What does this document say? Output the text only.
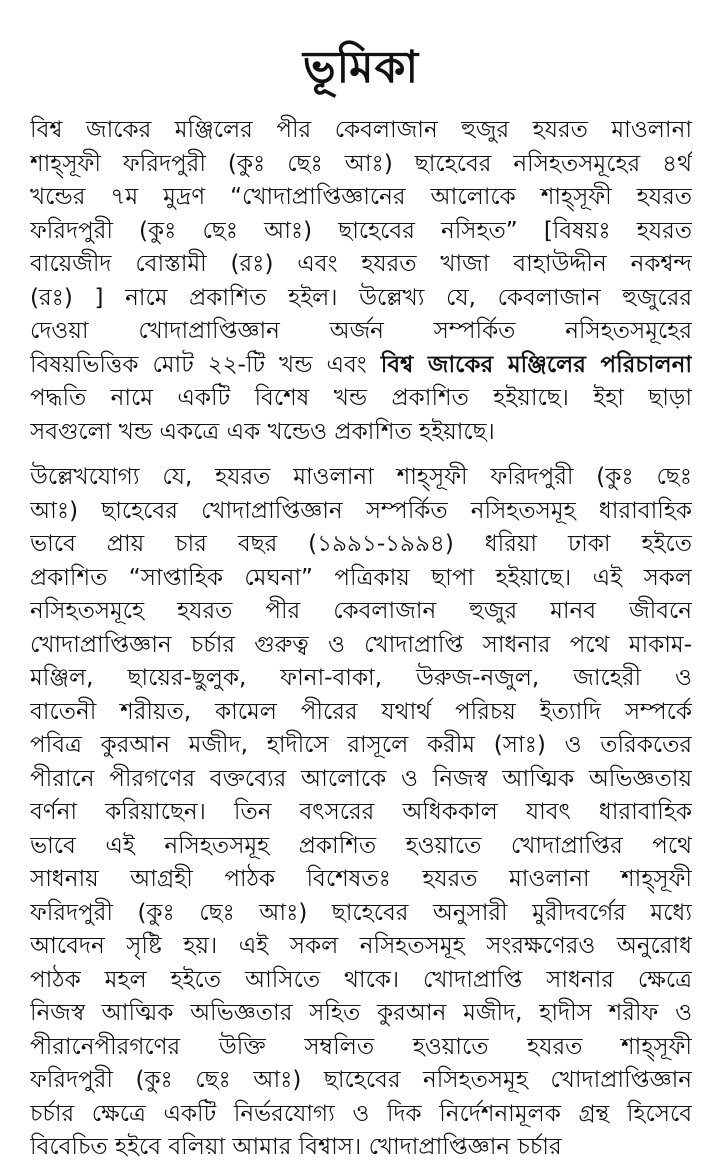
ভূমিকা
বিশ্ব জাকের মঞ্জিলের পীর কেবলাজান হুজুর হযরত মাওলানা
শাহ্সূফী ফরিদপুরী (কুঃ ছেঃ আঃ) ছাহেবের নসিহতসমূহের ৪র্থ
খন্ডের ৭ম মুদ্রণ “খোদাপ্রাপ্তিজ্ঞানের আলোকে শাহ্সূফী হযরত
ফরিদপুরী (কুঃ ছেঃ আঃ) ছাহেবের নসিহত” [বিষয়ঃ হযরত
বায়েজীদ বোস্তামী (রঃ) এবং হযরত খাজা বাহাউদ্দীন নকশ্বন্দ
(রঃ) ] নামে প্রকাশিত হইল। উল্লেখ্য যে, কেবলাজান হুজুরের
দেওয়া খোদাপ্রাপ্তিজ্ঞান অর্জন সম্পর্কিত নসিহতসমূহের
বিষয়ভিত্তিক মোট ২২-টি খন্ড এবং বিশ্ব জাকের মঞ্জিলের পরিচালনা
পদ্ধতি নামে একটি বিশেষ খন্ড প্রকাশিত হইয়াছে। ইহা ছাড়া
সবগুলো খন্ড একত্রে এক খন্ডেও প্রকাশিত হইয়াছে।
উল্লেখযোগ্য যে, হযরত মাওলানা শাহ্সূফী ফরিদপুরী (কুঃ ছেঃ
আঃ) ছাহেবের খোদাপ্রাপ্তিজ্ঞান সম্পর্কিত নসিহতসমূহ ধারাবাহিক
ভাবে প্রায় চার বছর (১৯৯১-১৯৯৪) ধরিয়া ঢাকা হইতে
প্রকাশিত “সাপ্তাহিক মেঘনা” পত্রিকায় ছাপা হইয়াছে। এই সকল
নসিহতসমূহে হযরত পীর কেবলাজান হুজুর মানব জীবনে
খোদাপ্রাপ্তিজ্ঞান চর্চার গুরুত্ব ও খোদাপ্রাপ্তি সাধনার পথে মাকাম-
মঞ্জিল, ছায়ের-ছুলুক, ফানা-বাকা, উরুজ-নজুল, জাহেরী ও
বাতেনী শরীয়ত, কামেল পীরের যথার্থ পরিচয় ইত্যাদি সম্পর্কে
পবিত্র কুরআন মজীদ, হাদীসে রাসূলে করীম (সাঃ) ও তরিকতের
পীরানে পীরগণের বক্তব্যের আলোকে ও নিজস্ব আত্মিক অভিজ্ঞতায়
বর্ণনা করিয়াছেন। তিন বৎসরের অধিককাল যাবৎ ধারাবাহিক
ভাবে এই নসিহতসমূহ প্রকাশিত হওয়াতে খোদাপ্রাপ্তির পথে
সাধনায় আগ্রহী পাঠক বিশেষতঃ হযরত মাওলানা শাহ্সূফী
ফরিদপুরী (কুঃ ছেঃ আঃ) ছাহেবের অনুসারী মুরীদবর্গের মধ্যে
আবেদন সৃষ্টি হয়। এই সকল নসিহতসমূহ সংরক্ষণেরও অনুরোধ
পাঠক মহল হইতে আসিতে থাকে। খোদাপ্রাপ্তি সাধনার ক্ষেত্রে
নিজস্ব আত্মিক অভিজ্ঞতার সহিত কুরআন মজীদ, হাদীস শরীফ ও
পীরানেপীরগণের উক্তি সম্বলিত হওয়াতে হযরত শাহ্সূফী
ফরিদপুরী (কুঃ ছেঃ আঃ) ছাহেবের নসিহতসমূহ খোদাপ্রাপ্তিজ্ঞান
চর্চার ক্ষেত্রে একটি নির্ভরযোগ্য ও দিক নির্দেশনামূলক গ্রন্থ হিসেবে
বিবেচিত হইবে বলিয়া আমার বিশ্বাস। খোদাপ্রাপ্তিজ্ঞান চর্চার
